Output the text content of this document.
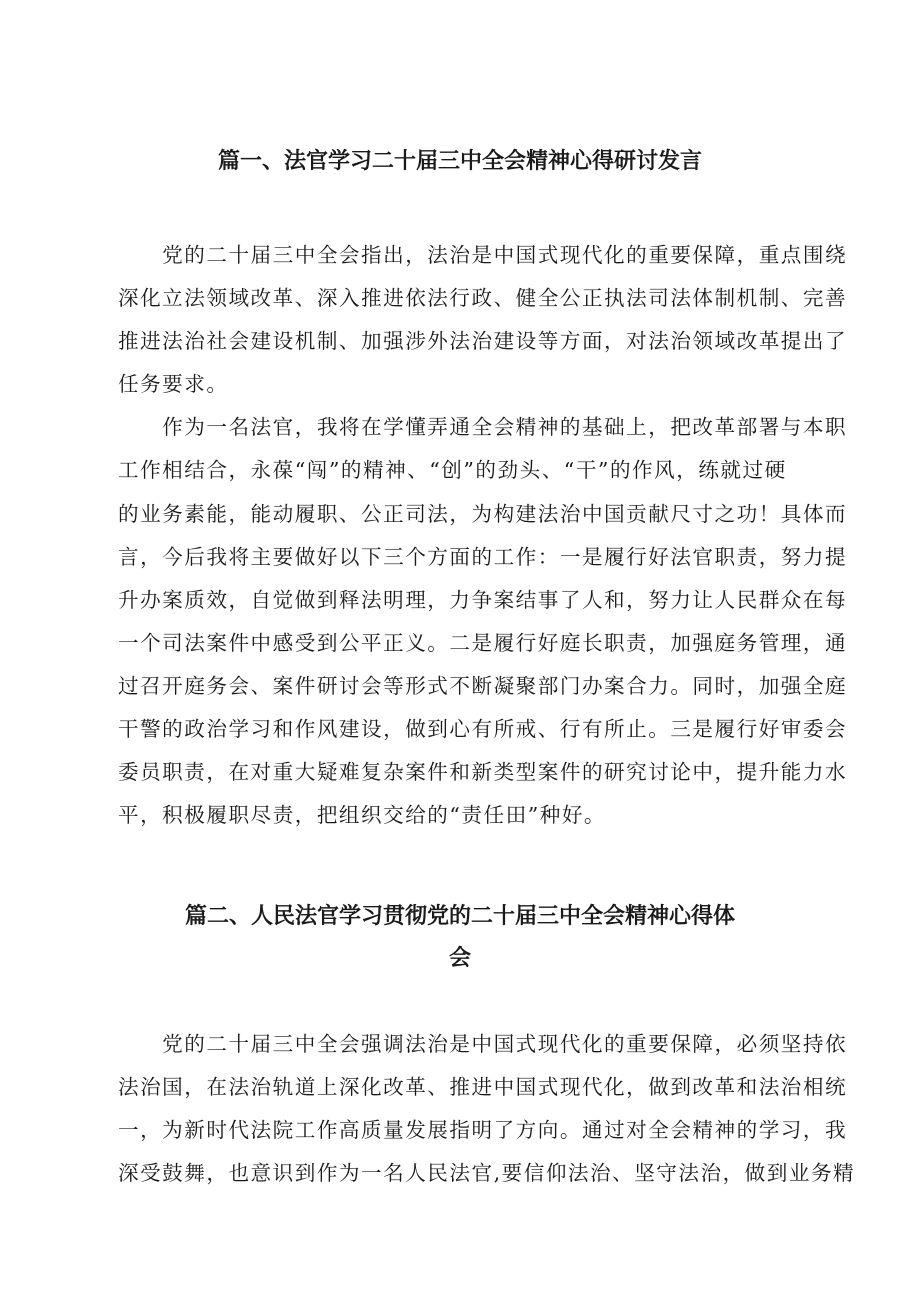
篇一、法官学习二十届三中全会精神心得研讨发言

　　党的二十届三中全会指出，法治是中国式现代化的重要保障，重点围绕
深化立法领域改革、深入推进依法行政、健全公正执法司法体制机制、完善
推进法治社会建设机制、加强涉外法治建设等方面，对法治领域改革提出了
任务要求。

　　作为一名法官，我将在学懂弄通全会精神的基础上，把改革部署与本职
工作相结合，永葆“闯”的精神、“创”的劲头、“干”的作风，练就过硬
的业务素能，能动履职、公正司法，为构建法治中国贡献尺寸之功！具体而
言，今后我将主要做好以下三个方面的工作：一是履行好法官职责，努力提
升办案质效，自觉做到释法明理，力争案结事了人和，努力让人民群众在每
一个司法案件中感受到公平正义。二是履行好庭长职责，加强庭务管理，通
过召开庭务会、案件研讨会等形式不断凝聚部门办案合力。同时，加强全庭
干警的政治学习和作风建设，做到心有所戒、行有所止。三是履行好审委会
委员职责，在对重大疑难复杂案件和新类型案件的研究讨论中，提升能力水
平，积极履职尽责，把组织交给的“责任田”种好。

篇二、人民法官学习贯彻党的二十届三中全会精神心得体
会

　　党的二十届三中全会强调法治是中国式现代化的重要保障，必须坚持依
法治国，在法治轨道上深化改革、推进中国式现代化，做到改革和法治相统
一，为新时代法院工作高质量发展指明了方向。通过对全会精神的学习，我
深受鼓舞，也意识到作为一名人民法官,要信仰法治、坚守法治，做到业务精
